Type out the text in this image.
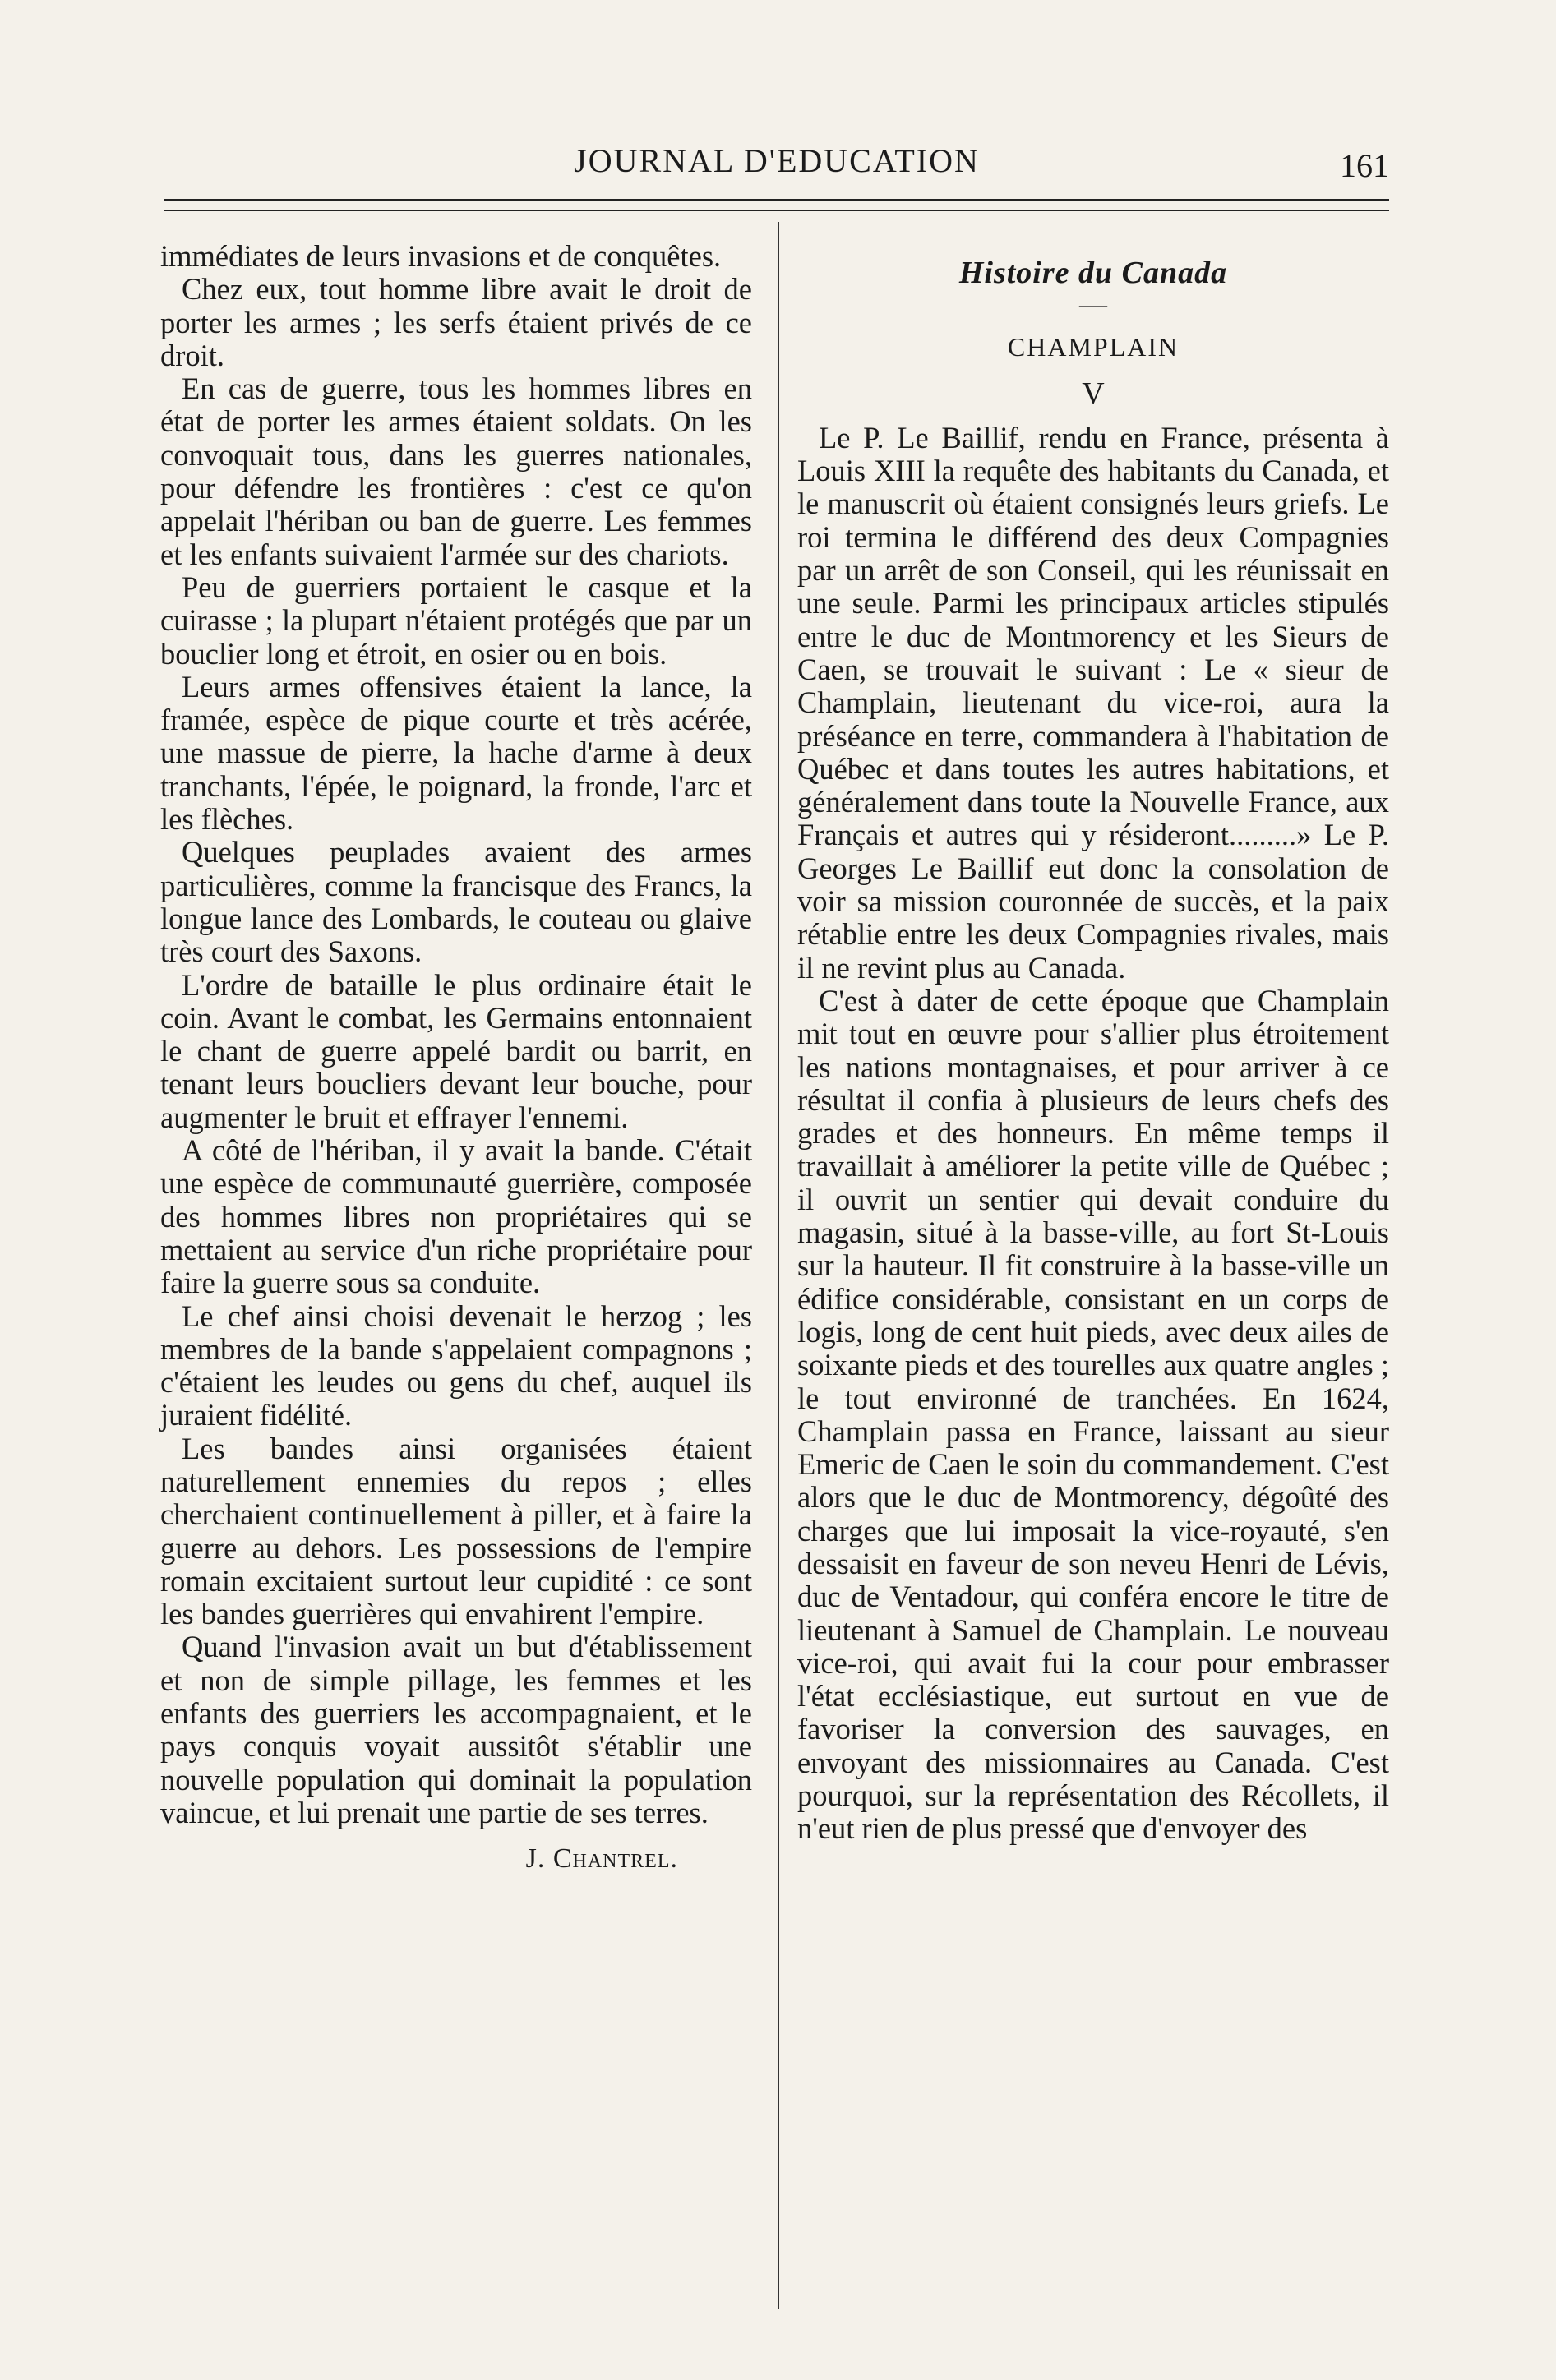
JOURNAL D'EDUCATION	161

immédiates de leurs invasions et de conquêtes.

Chez eux, tout homme libre avait le droit de porter les armes ; les serfs étaient privés de ce droit.

En cas de guerre, tous les hommes libres en état de porter les armes étaient soldats. On les convoquait tous, dans les guerres nationales, pour défendre les frontières : c'est ce qu'on appelait l'hériban ou ban de guerre. Les femmes et les enfants suivaient l'armée sur des chariots.

Peu de guerriers portaient le casque et la cuirasse ; la plupart n'étaient protégés que par un bouclier long et étroit, en osier ou en bois.

Leurs armes offensives étaient la lance, la framée, espèce de pique courte et très acérée, une massue de pierre, la hache d'arme à deux tranchants, l'épée, le poignard, la fronde, l'arc et les flèches.

Quelques peuplades avaient des armes particulières, comme la francisque des Francs, la longue lance des Lombards, le couteau ou glaive très court des Saxons.

L'ordre de bataille le plus ordinaire était le coin. Avant le combat, les Germains entonnaient le chant de guerre appelé bardit ou barrit, en tenant leurs boucliers devant leur bouche, pour augmenter le bruit et effrayer l'ennemi.

A côté de l'hériban, il y avait la bande. C'était une espèce de communauté guerrière, composée des hommes libres non propriétaires qui se mettaient au service d'un riche propriétaire pour faire la guerre sous sa conduite.

Le chef ainsi choisi devenait le herzog ; les membres de la bande s'appelaient compagnons ; c'étaient les leudes ou gens du chef, auquel ils juraient fidélité.

Les bandes ainsi organisées étaient naturellement ennemies du repos ; elles cherchaient continuellement à piller, et à faire la guerre au dehors. Les possessions de l'empire romain excitaient surtout leur cupidité : ce sont les bandes guerrières qui envahirent l'empire.

Quand l'invasion avait un but d'établissement et non de simple pillage, les femmes et les enfants des guerriers les accompagnaient, et le pays conquis voyait aussitôt s'établir une nouvelle population qui dominait la population vaincue, et lui prenait une partie de ses terres.

J. Chantrel.
Histoire du Canada
—
CHAMPLAIN
V

Le P. Le Baillif, rendu en France, présenta à Louis XIII la requête des habitants du Canada, et le manuscrit où étaient consignés leurs griefs. Le roi termina le différend des deux Compagnies par un arrêt de son Conseil, qui les réunissait en une seule. Parmi les principaux articles stipulés entre le duc de Montmorency et les Sieurs de Caen, se trouvait le suivant : Le « sieur de Champlain, lieutenant du vice-roi, aura la préséance en terre, commandera à l'habitation de Québec et dans toutes les autres habitations, et généralement dans toute la Nouvelle France, aux Français et autres qui y résideront.........» Le P. Georges Le Baillif eut donc la consolation de voir sa mission couronnée de succès, et la paix rétablie entre les deux Compagnies rivales, mais il ne revint plus au Canada.

C'est à dater de cette époque que Champlain mit tout en œuvre pour s'allier plus étroitement les nations montagnaises, et pour arriver à ce résultat il confia à plusieurs de leurs chefs des grades et des honneurs. En même temps il travaillait à améliorer la petite ville de Québec ; il ouvrit un sentier qui devait conduire du magasin, situé à la basse-ville, au fort St-Louis sur la hauteur. Il fit construire à la basse-ville un édifice considérable, consistant en un corps de logis, long de cent huit pieds, avec deux ailes de soixante pieds et des tourelles aux quatre angles ; le tout environné de tranchées. En 1624, Champlain passa en France, laissant au sieur Emeric de Caen le soin du commandement. C'est alors que le duc de Montmorency, dégoûté des charges que lui imposait la vice-royauté, s'en dessaisit en faveur de son neveu Henri de Lévis, duc de Ventadour, qui conféra encore le titre de lieutenant à Samuel de Champlain. Le nouveau vice-roi, qui avait fui la cour pour embrasser l'état ecclésiastique, eut surtout en vue de favoriser la conversion des sauvages, en envoyant des missionnaires au Canada. C'est pourquoi, sur la représentation des Récollets, il n'eut rien de plus pressé que d'envoyer des
